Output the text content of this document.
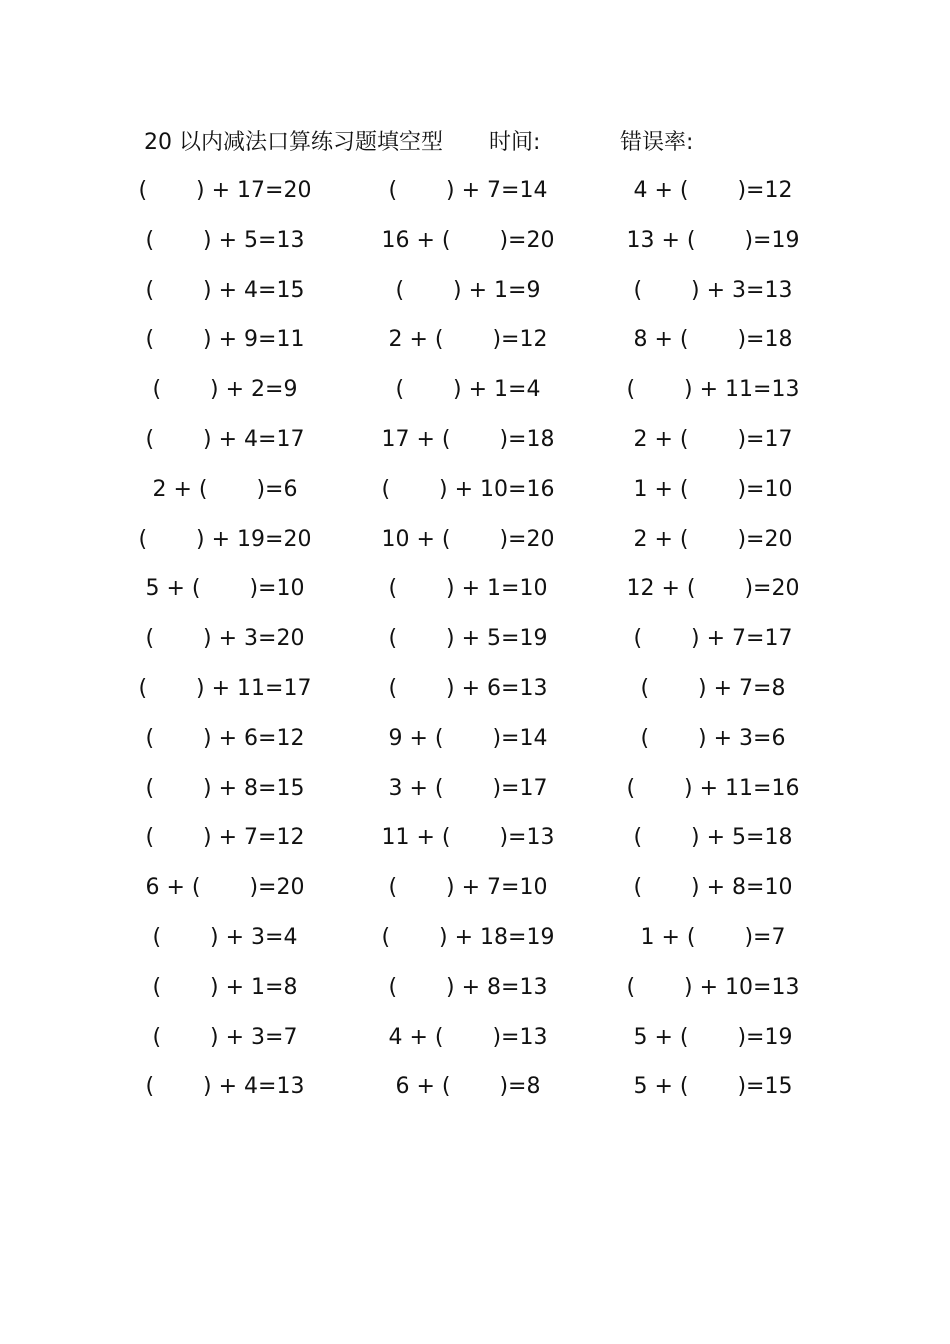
20 以内减法口算练习题填空型 时间:	错误率:
(       ) + 17=20	(       ) + 7=14	4 + (       )=12
(       ) + 5=13	16 + (       )=20	13 + (       )=19
(       ) + 4=15	(       ) + 1=9	(       ) + 3=13
(       ) + 9=11	2 + (       )=12	8 + (       )=18
(       ) + 2=9	(       ) + 1=4	(       ) + 11=13
(       ) + 4=17	17 + (       )=18	2 + (       )=17
2 + (       )=6	(       ) + 10=16	1 + (       )=10
(       ) + 19=20	10 + (       )=20	2 + (       )=20
5 + (       )=10	(       ) + 1=10	12 + (       )=20
(       ) + 3=20	(       ) + 5=19	(       ) + 7=17
(       ) + 11=17	(       ) + 6=13	(       ) + 7=8
(       ) + 6=12	9 + (       )=14	(       ) + 3=6
(       ) + 8=15	3 + (       )=17	(       ) + 11=16
(       ) + 7=12	11 + (       )=13	(       ) + 5=18
6 + (       )=20	(       ) + 7=10	(       ) + 8=10
(       ) + 3=4	(       ) + 18=19	1 + (       )=7
(       ) + 1=8	(       ) + 8=13	(       ) + 10=13
(       ) + 3=7	4 + (       )=13	5 + (       )=19
(       ) + 4=13	6 + (       )=8	5 + (       )=15
